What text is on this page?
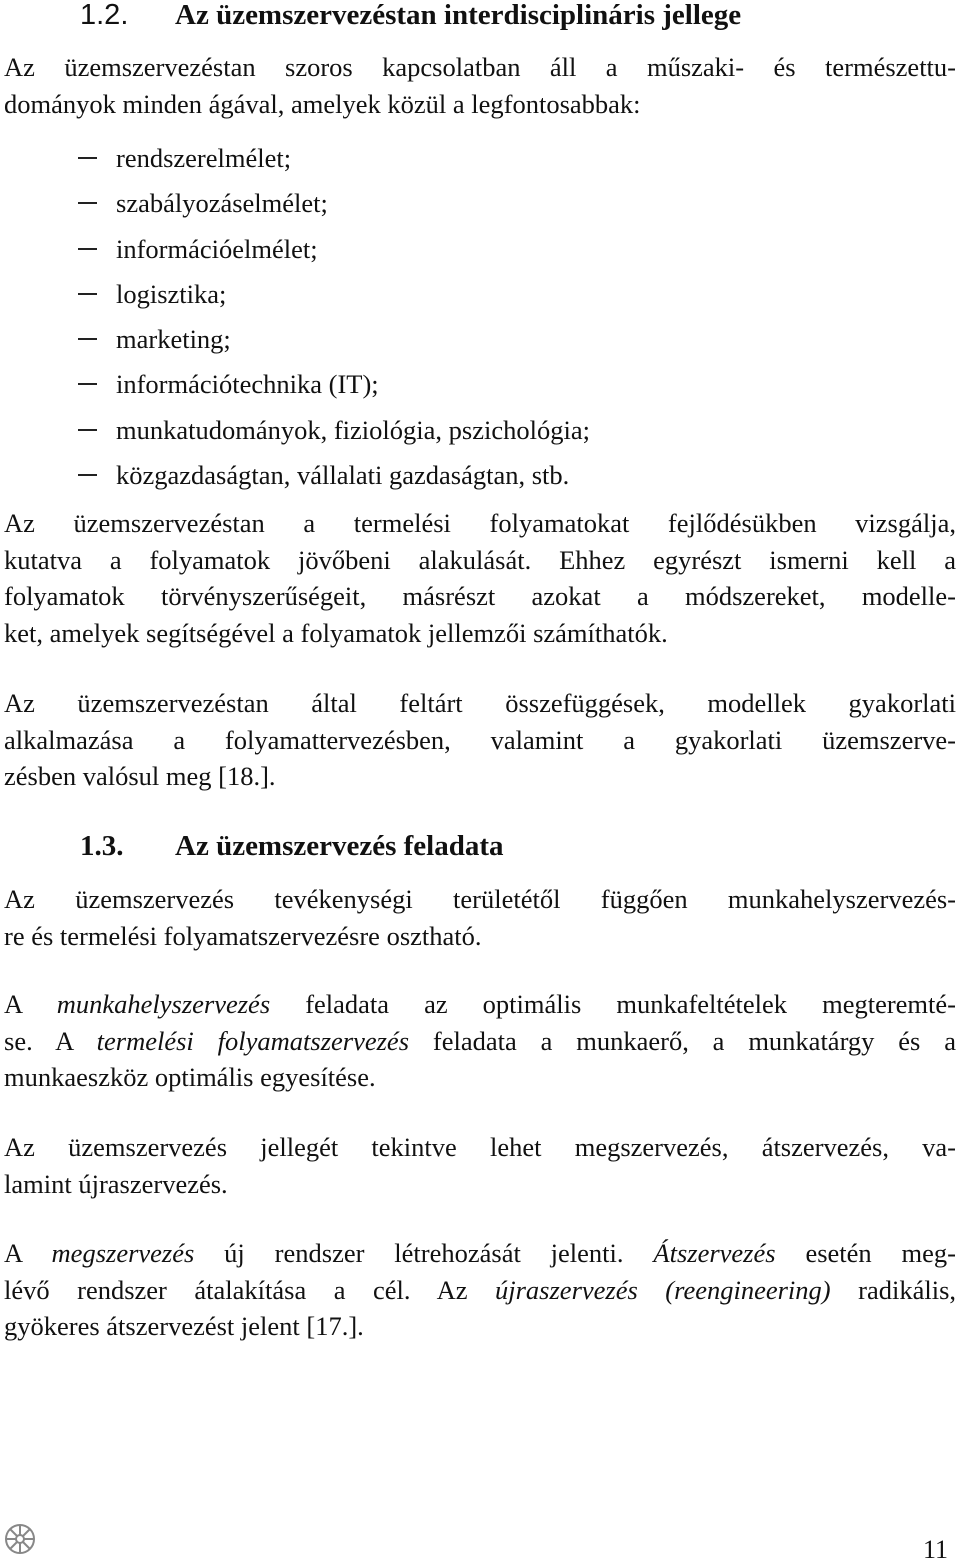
1.2. Az üzemszervezéstan interdisciplináris jellege
Az üzemszervezéstan szoros kapcsolatban áll a műszaki- és természettu-
dományok minden ágával, amelyek közül a legfontosabbak:
rendszerelmélet;
szabályozáselmélet;
információelmélet;
logisztika;
marketing;
információtechnika (IT);
munkatudományok, fiziológia, pszichológia;
közgazdaságtan, vállalati gazdaságtan, stb.
Az üzemszervezéstan a termelési folyamatokat fejlődésükben vizsgálja,
kutatva a folyamatok jövőbeni alakulását. Ehhez egyrészt ismerni kell a
folyamatok törvényszerűségeit, másrészt azokat a módszereket, modelle-
ket, amelyek segítségével a folyamatok jellemzői számíthatók.
Az üzemszervezéstan által feltárt összefüggések, modellek gyakorlati
alkalmazása a folyamattervezésben, valamint a gyakorlati üzemszerve-
zésben valósul meg [18.].
1.3. Az üzemszervezés feladata
Az üzemszervezés tevékenységi területétől függően munkahelyszervezés-
re és termelési folyamatszervezésre osztható.
A munkahelyszervezés feladata az optimális munkafeltételek megteremté-
se. A termelési folyamatszervezés feladata a munkaerő, a munkatárgy és a
munkaeszköz optimális egyesítése.
Az üzemszervezés jellegét tekintve lehet megszervezés, átszervezés, va-
lamint újraszervezés.
A megszervezés új rendszer létrehozását jelenti. Átszervezés esetén meg-
lévő rendszer átalakítása a cél. Az újraszervezés (reengineering) radikális,
gyökeres átszervezést jelent [17.].
11
